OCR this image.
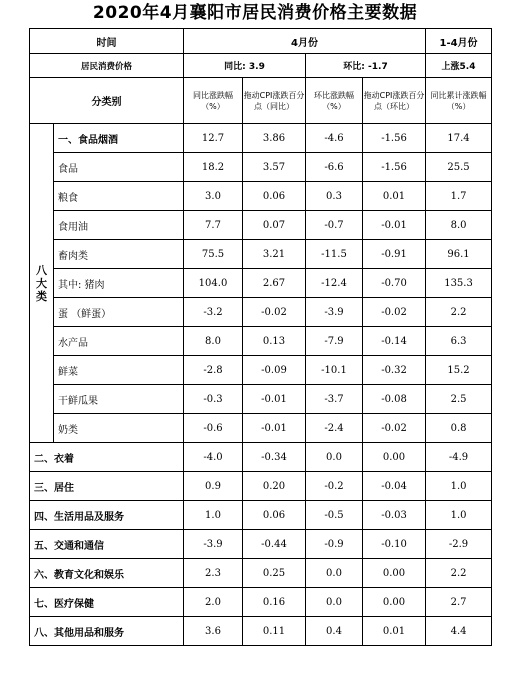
2020年4月襄阳市居民消费价格主要数据
时间		4月份				1-4月份
居民消费价格		同比: 3.9		环比: -1.7		上涨5.4
分类别		同比涨跌幅（%）	拖动CPI涨跌百分点（同比）	环比涨跌幅（%）	拖动CPI涨跌百分点（环比）	同比累计涨跌幅（%）

八
大
类	一、食品烟酒	12.7	3.86	-4.6	-1.56	17.4
	食品	18.2	3.57	-6.6	-1.56	25.5
	粮食	3.0	0.06	0.3	0.01	1.7
	食用油	7.7	0.07	-0.7	-0.01	8.0
	畜肉类	75.5	3.21	-11.5	-0.91	96.1
	其中: 猪肉	104.0	2.67	-12.4	-0.70	135.3
	蛋 （鲜蛋）	-3.2	-0.02	-3.9	-0.02	2.2
	水产品	8.0	0.13	-7.9	-0.14	6.3
	鲜菜	-2.8	-0.09	-10.1	-0.32	15.2
	干鲜瓜果	-0.3	-0.01	-3.7	-0.08	2.5
	奶类	-0.6	-0.01	-2.4	-0.02	0.8
二、衣着		-4.0	-0.34	0.0	0.00	-4.9
三、居住		0.9	0.20	-0.2	-0.04	1.0
四、生活用品及服务		1.0	0.06	-0.5	-0.03	1.0
五、交通和通信		-3.9	-0.44	-0.9	-0.10	-2.9
六、教育文化和娱乐		2.3	0.25	0.0	0.00	2.2
七、医疗保健		2.0	0.16	0.0	0.00	2.7
八、其他用品和服务		3.6	0.11	0.4	0.01	4.4
